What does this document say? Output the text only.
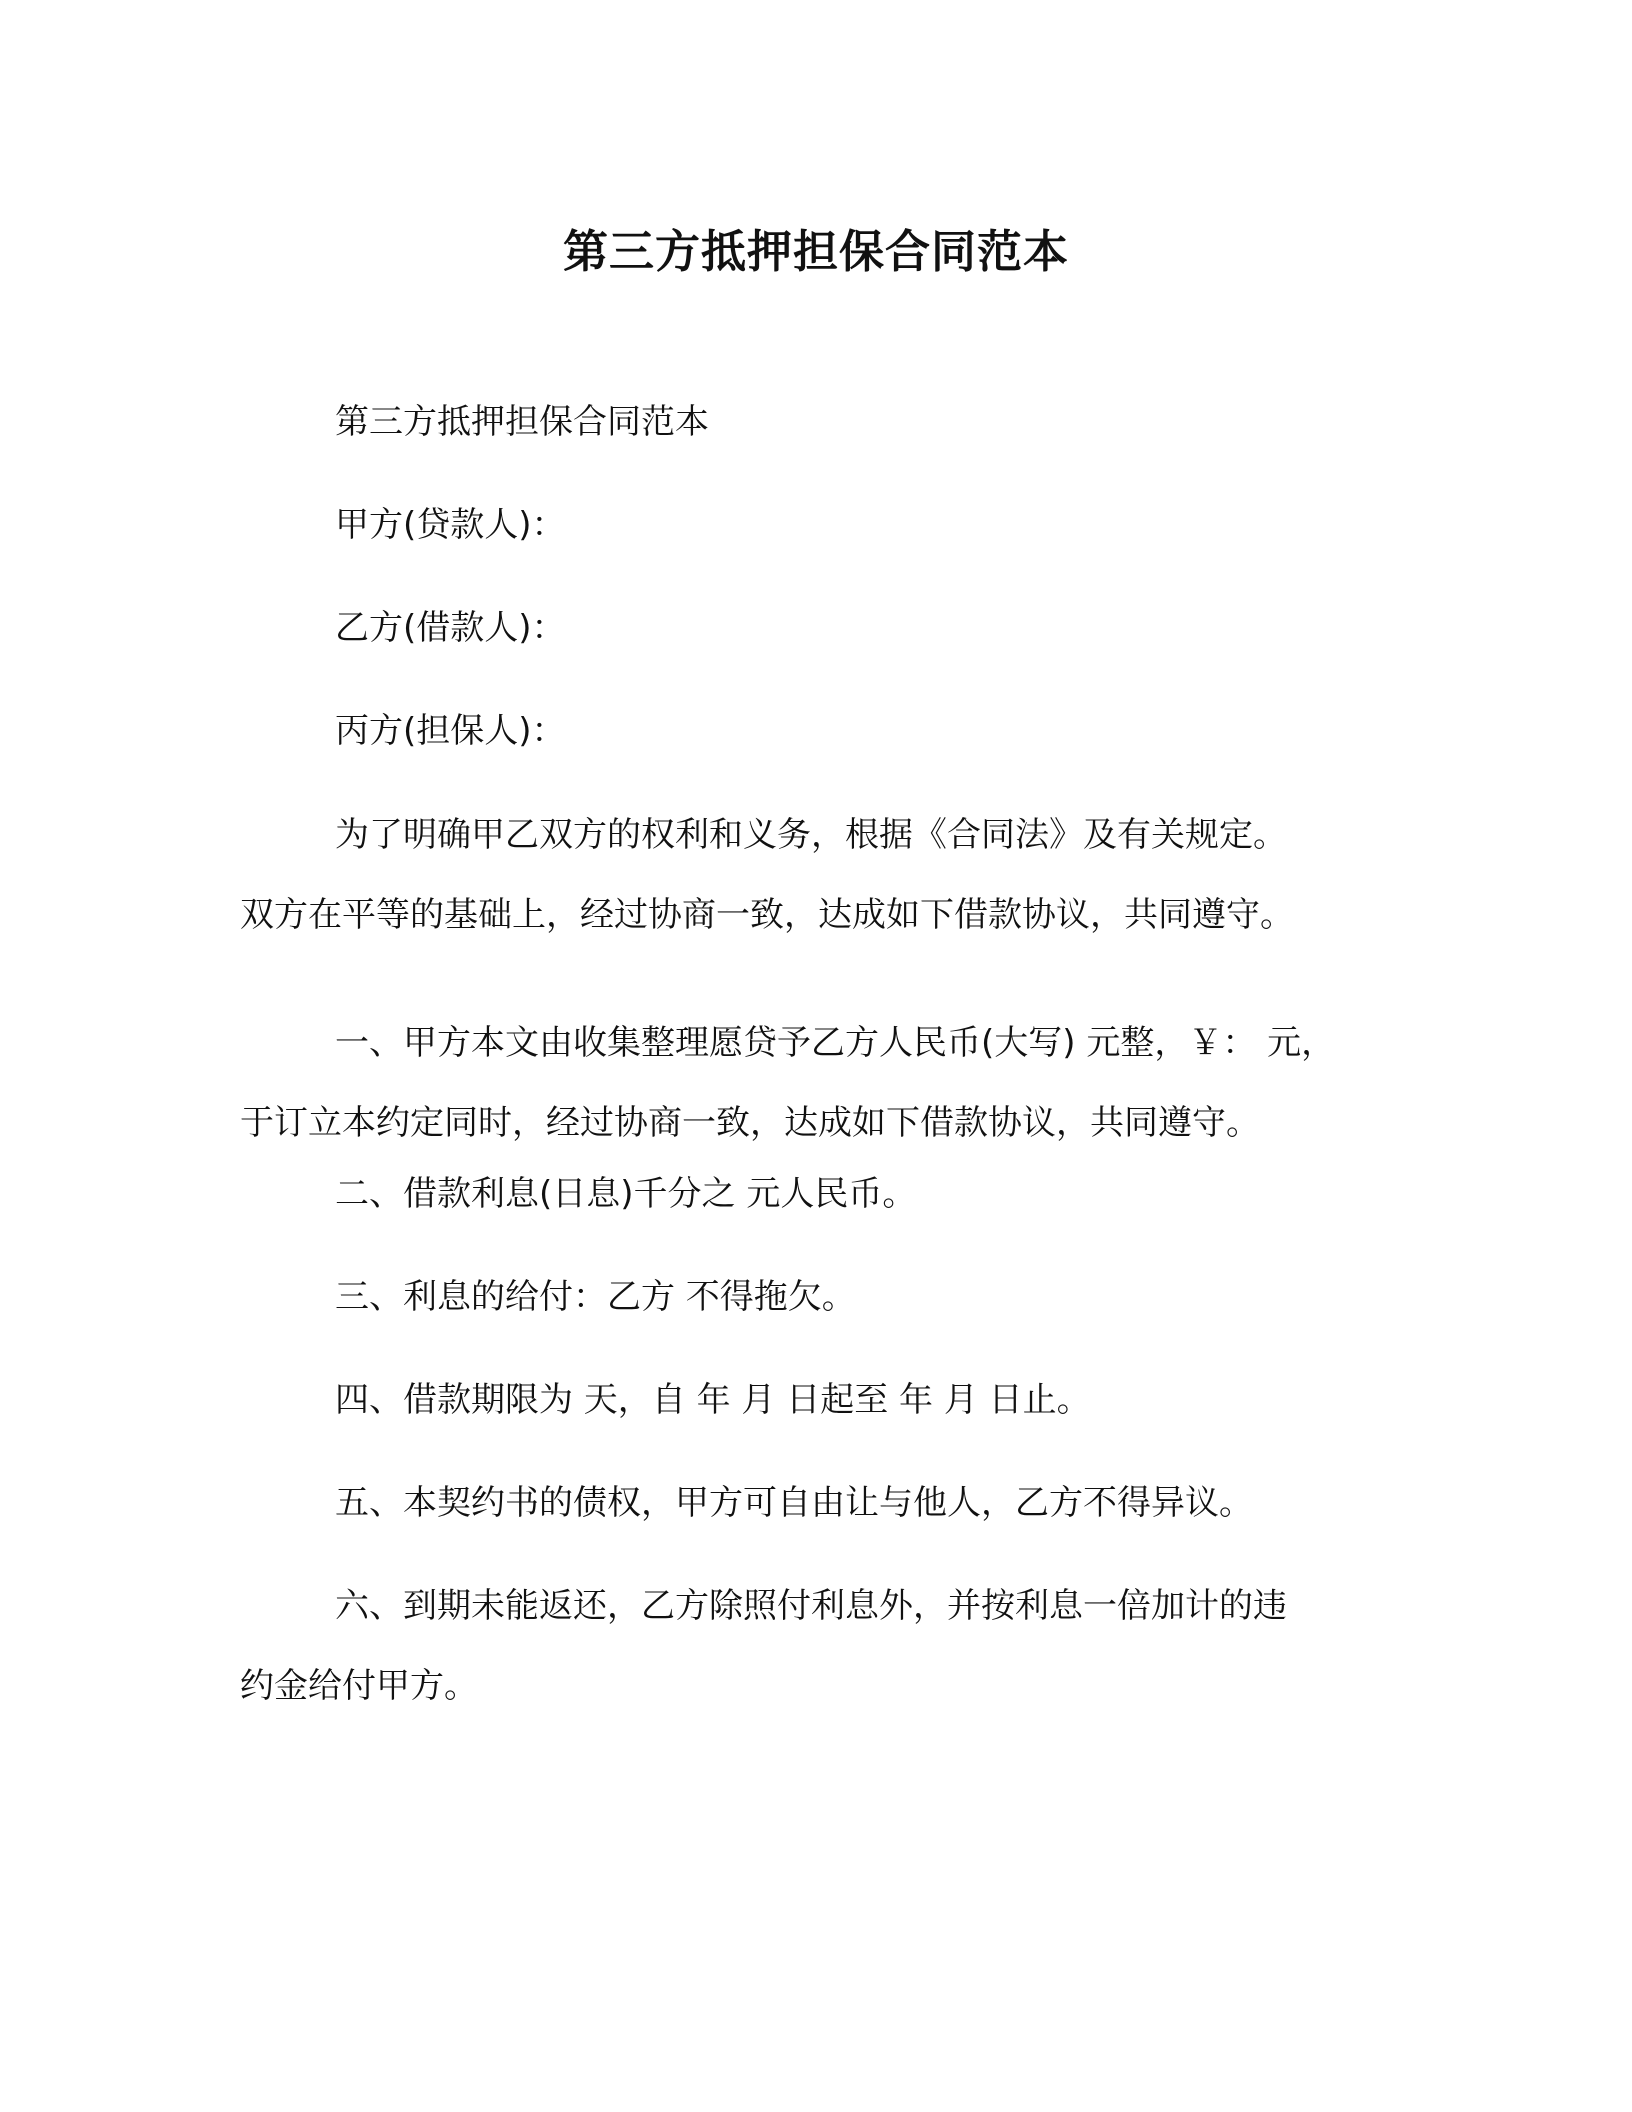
第三方抵押担保合同范本
第三方抵押担保合同范本
甲方(贷款人)：
乙方(借款人)：
丙方(担保人)：
为了明确甲乙双方的权利和义务，根据《合同法》及有关规定。
双方在平等的基础上，经过协商一致，达成如下借款协议，共同遵守。
一、甲方本文由收集整理愿贷予乙方人民币(大写) 元整，￥： 元，
于订立本约定同时，经过协商一致，达成如下借款协议，共同遵守。
二、借款利息(日息)千分之 元人民币。
三、利息的给付：乙方 不得拖欠。
四、借款期限为 天，自 年 月 日起至 年 月 日止。
五、本契约书的债权，甲方可自由让与他人，乙方不得异议。
六、到期未能返还，乙方除照付利息外，并按利息一倍加计的违
约金给付甲方。
